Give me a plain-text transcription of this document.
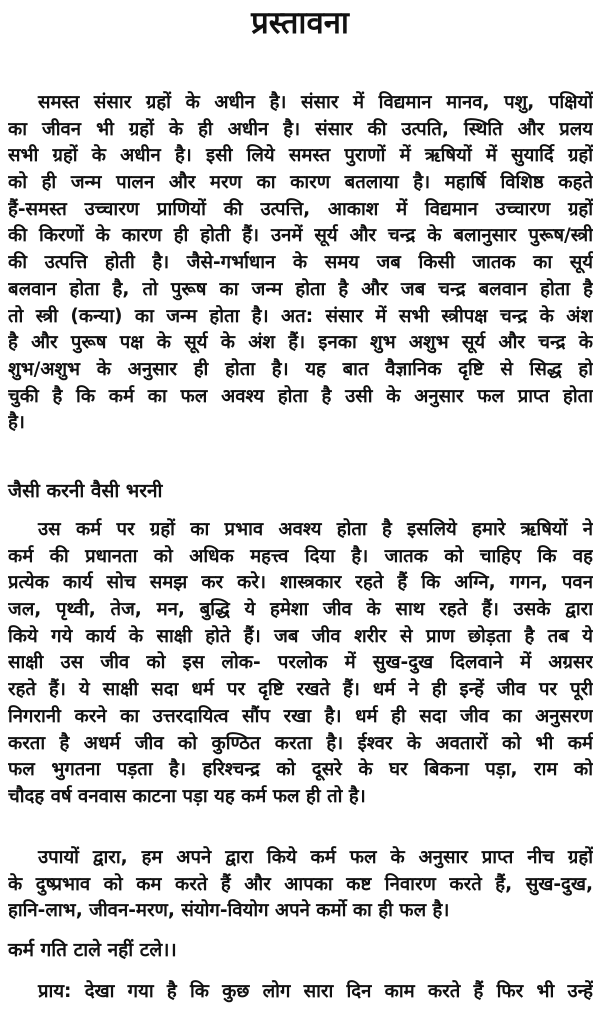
प्रस्तावना
समस्त संसार ग्रहों के अधीन है। संसार में विद्यमान मानव, पशु, पक्षियों
का जीवन भी ग्रहों के ही अधीन है। संसार की उत्पति, स्थिति और प्रलय
सभी ग्रहों के अधीन है। इसी लिये समस्त पुराणों में ऋषियों में सुयार्दि ग्रहों
को ही जन्म पालन और मरण का कारण बतलाया है। महार्षि विशिष्ठ कहते
हैं-समस्त उच्चारण प्राणियों की उत्पत्ति, आकाश में विद्यमान उच्चारण ग्रहों
की किरणों के कारण ही होती हैं। उनमें सूर्य और चन्द्र के बलानुसार पुरूष/स्त्री
की उत्पत्ति होती है। जैसे-गर्भाधान के समय जब किसी जातक का सूर्य
बलवान होता है, तो पुरूष का जन्म होता है और जब चन्द्र बलवान होता है
तो स्त्री (कन्या) का जन्म होता है। अत: संसार में सभी स्त्रीपक्ष चन्द्र के अंश
है और पुरूष पक्ष के सूर्य के अंश हैं। इनका शुभ अशुभ सूर्य और चन्द्र के
शुभ/अशुभ के अनुसार ही होता है। यह बात वैज्ञानिक दृष्टि से सिद्ध हो
चुकी है कि कर्म का फल अवश्य होता है उसी के अनुसार फल प्राप्त होता
है।
जैसी करनी वैसी भरनी
उस कर्म पर ग्रहों का प्रभाव अवश्य होता है इसलिये हमारे ऋषियों ने
कर्म की प्रधानता को अधिक महत्त्व दिया है। जातक को चाहिए कि वह
प्रत्येक कार्य सोच समझ कर करे। शास्त्रकार रहते हैं कि अग्नि, गगन, पवन
जल, पृथ्वी, तेज, मन, बुद्धि ये हमेशा जीव के साथ रहते हैं। उसके द्वारा
किये गये कार्य के साक्षी होते हैं। जब जीव शरीर से प्राण छोड़ता है तब ये
साक्षी उस जीव को इस लोक- परलोक में सुख-दुख दिलवाने में अग्रसर
रहते हैं। ये साक्षी सदा धर्म पर दृष्टि रखते हैं। धर्म ने ही इन्हें जीव पर पूरी
निगरानी करने का उत्तरदायित्व सौंप रखा है। धर्म ही सदा जीव का अनुसरण
करता है अधर्म जीव को कुण्ठित करता है। ईश्वर के अवतारों को भी कर्म
फल भुगतना पड़ता है। हरिश्चन्द्र को दूसरे के घर बिकना पड़ा, राम को
चौदह वर्ष वनवास काटना पड़ा यह कर्म फल ही तो है।
उपायों द्वारा, हम अपने द्वारा किये कर्म फल के अनुसार प्राप्त नीच ग्रहों
के दुष्प्रभाव को कम करते हैं और आपका कष्ट निवारण करते हैं, सुख-दुख,
हानि-लाभ, जीवन-मरण, संयोग-वियोग अपने कर्मो का ही फल है।
कर्म गति टाले नहीं टले।।
प्राय: देखा गया है कि कुछ लोग सारा दिन काम करते हैं फिर भी उन्हें
